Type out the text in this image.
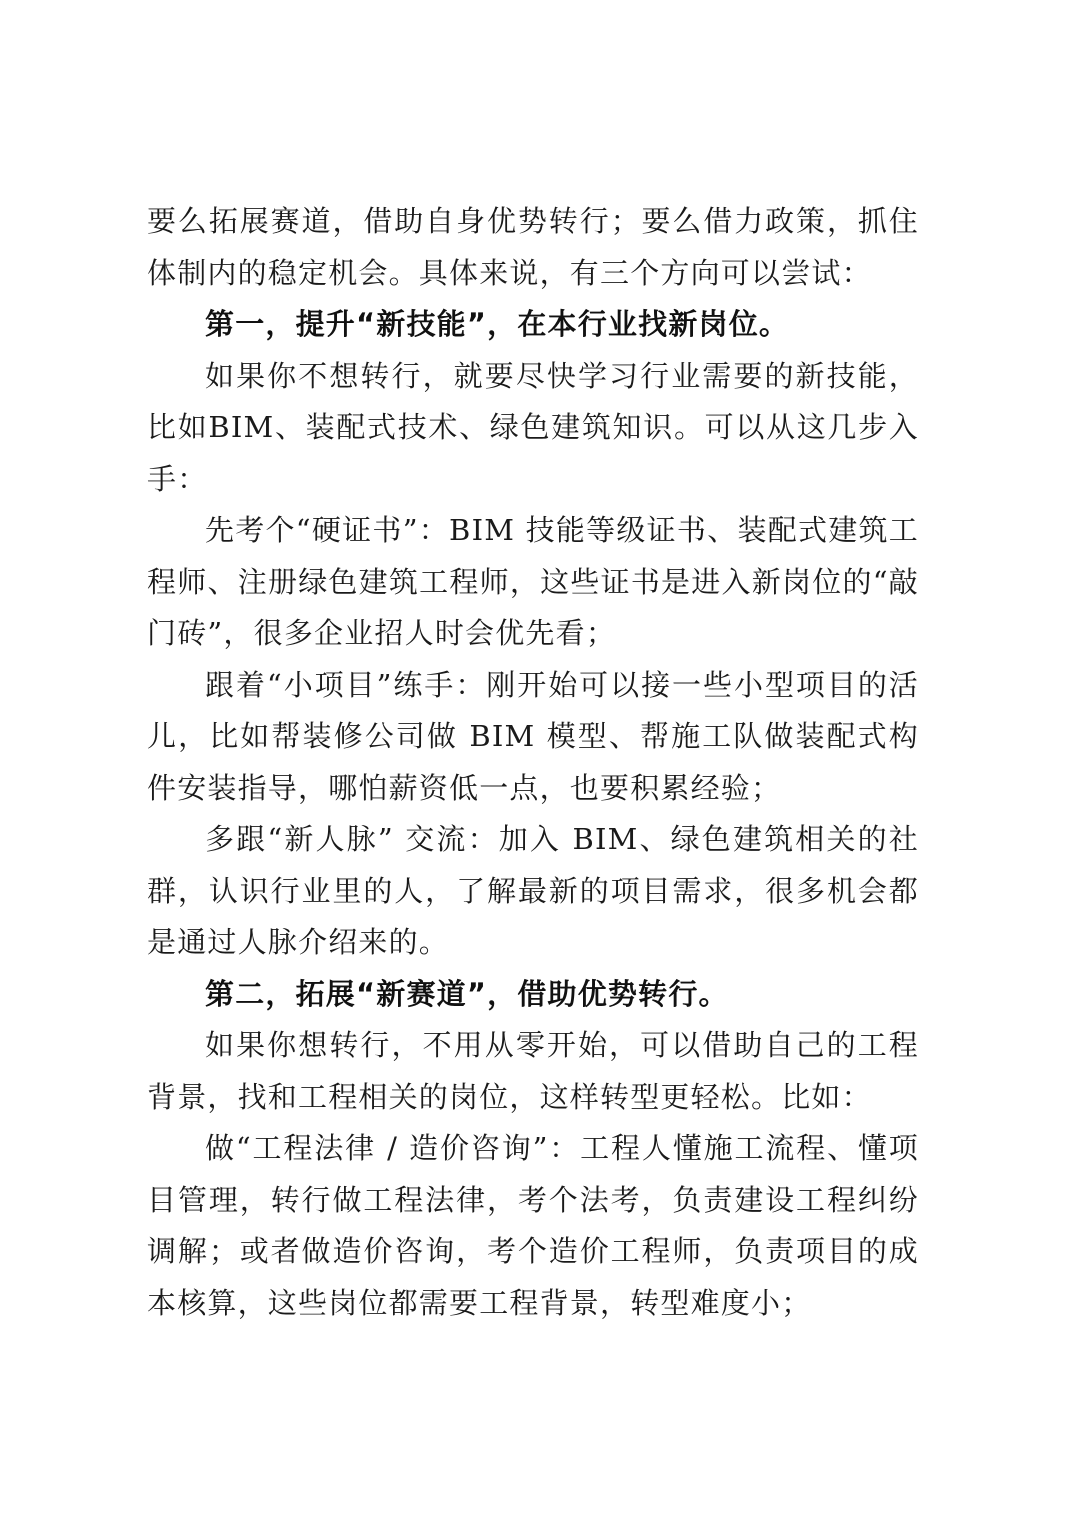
要么拓展赛道，借助自身优势转行；要么借力政策，抓住体制内的稳定机会。具体来说，有三个方向可以尝试：

第一，提升“新技能”，在本行业找新岗位。

如果你不想转行，就要尽快学习行业需要的新技能，比如BIM、装配式技术、绿色建筑知识。可以从这几步入手：

先考个“硬证书”：BIM 技能等级证书、装配式建筑工程师、注册绿色建筑工程师，这些证书是进入新岗位的“敲门砖”，很多企业招人时会优先看；

跟着“小项目”练手：刚开始可以接一些小型项目的活儿，比如帮装修公司做 BIM 模型、帮施工队做装配式构件安装指导，哪怕薪资低一点，也要积累经验；

多跟“新人脉” 交流：加入 BIM、绿色建筑相关的社群，认识行业里的人，了解最新的项目需求，很多机会都是通过人脉介绍来的。

第二，拓展“新赛道”，借助优势转行。

如果你想转行，不用从零开始，可以借助自己的工程背景，找和工程相关的岗位，这样转型更轻松。比如：

做“工程法律 / 造价咨询”：工程人懂施工流程、懂项目管理，转行做工程法律，考个法考，负责建设工程纠纷调解；或者做造价咨询，考个造价工程师，负责项目的成本核算，这些岗位都需要工程背景，转型难度小；
